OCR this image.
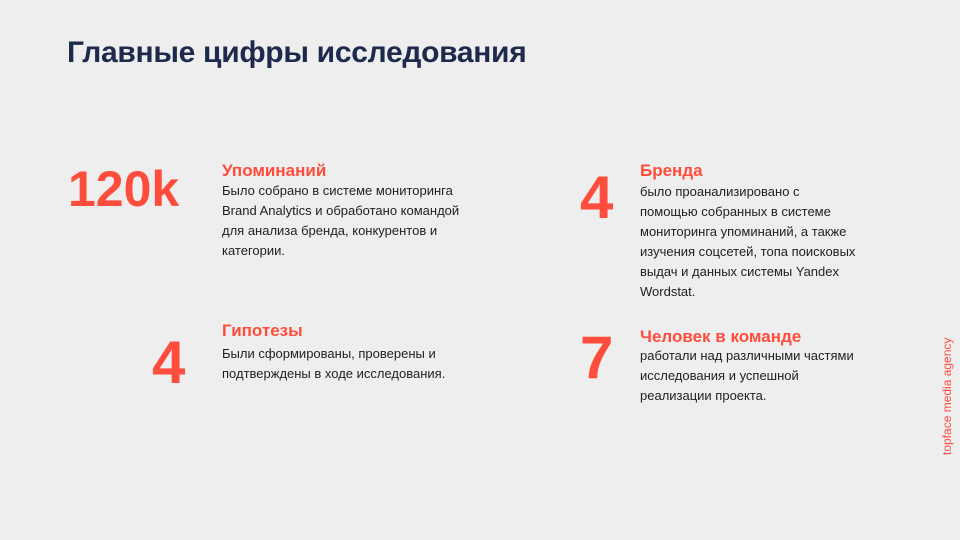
Главные цифры исследования
120k	Упоминаний
Было собрано в системе мониторинга Brand Analytics и обработано командой для анализа бренда, конкурентов и категории.
4 Бренда
было проанализировано с помощью собранных в системе мониторинга упоминаний, а также изучения соцсетей, топа поисковых выдач и данных системы Yandex Wordstat.
4 Гипотезы
Были сформированы, проверены и подтверждены в ходе исследования. 7 Человек в команде
работали над различными частями исследования и успешной реализации проекта.	topface media agency
